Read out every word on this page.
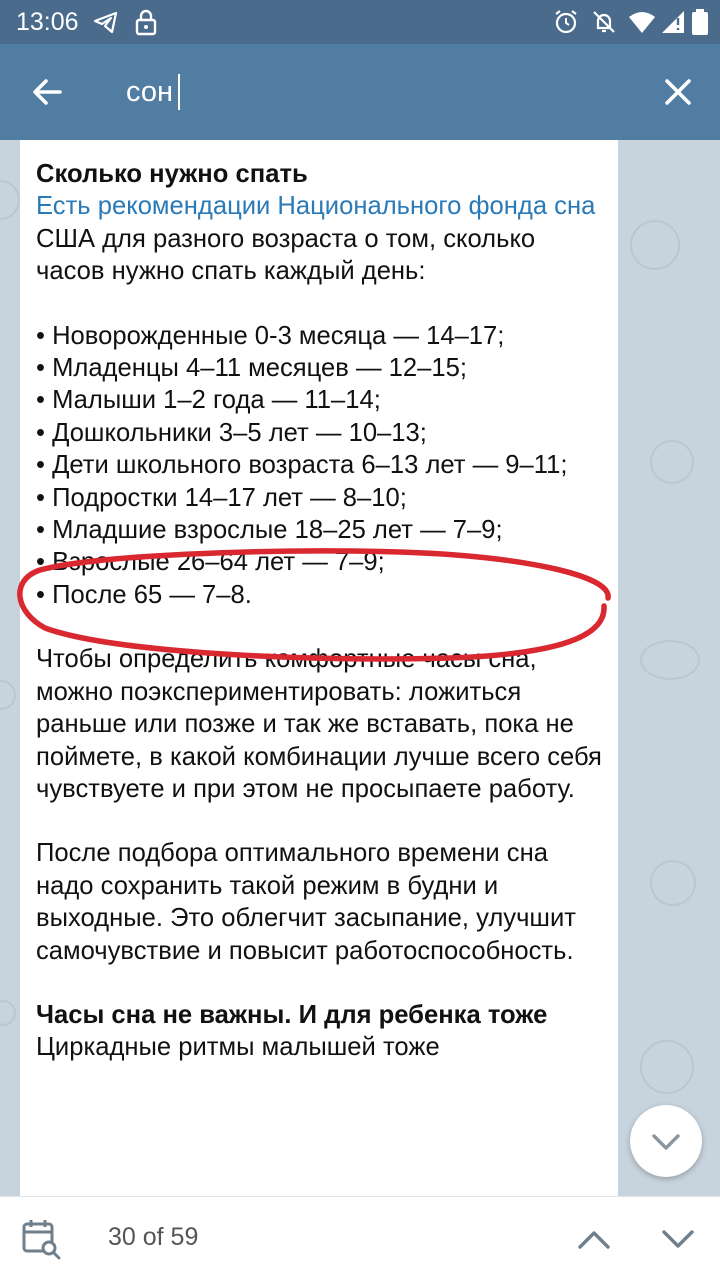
13:06
сон
Сколько нужно спать
Есть рекомендации Национального фонда сна США для разного возраста о том, сколько часов нужно спать каждый день:
• Новорожденные 0-3 месяца — 14–17;
• Младенцы 4–11 месяцев — 12–15;
• Малыши 1–2 года — 11–14;
• Дошкольники 3–5 лет — 10–13;
• Дети школьного возраста 6–13 лет — 9–11;
• Подростки 14–17 лет — 8–10;
• Младшие взрослые 18–25 лет — 7–9;
• Взрослые 26–64 лет — 7–9;
• После 65 — 7–8.
Чтобы определить комфортные часы сна, можно поэкспериментировать: ложиться раньше или позже и так же вставать, пока не поймете, в какой комбинации лучше всего себя чувствуете и при этом не просыпаете работу.
После подбора оптимального времени сна надо сохранить такой режим в будни и выходные. Это облегчит засыпание, улучшит самочувствие и повысит работоспособность.
Часы сна не важны. И для ребенка тоже
Циркадные ритмы малышей тоже
30 of 59
